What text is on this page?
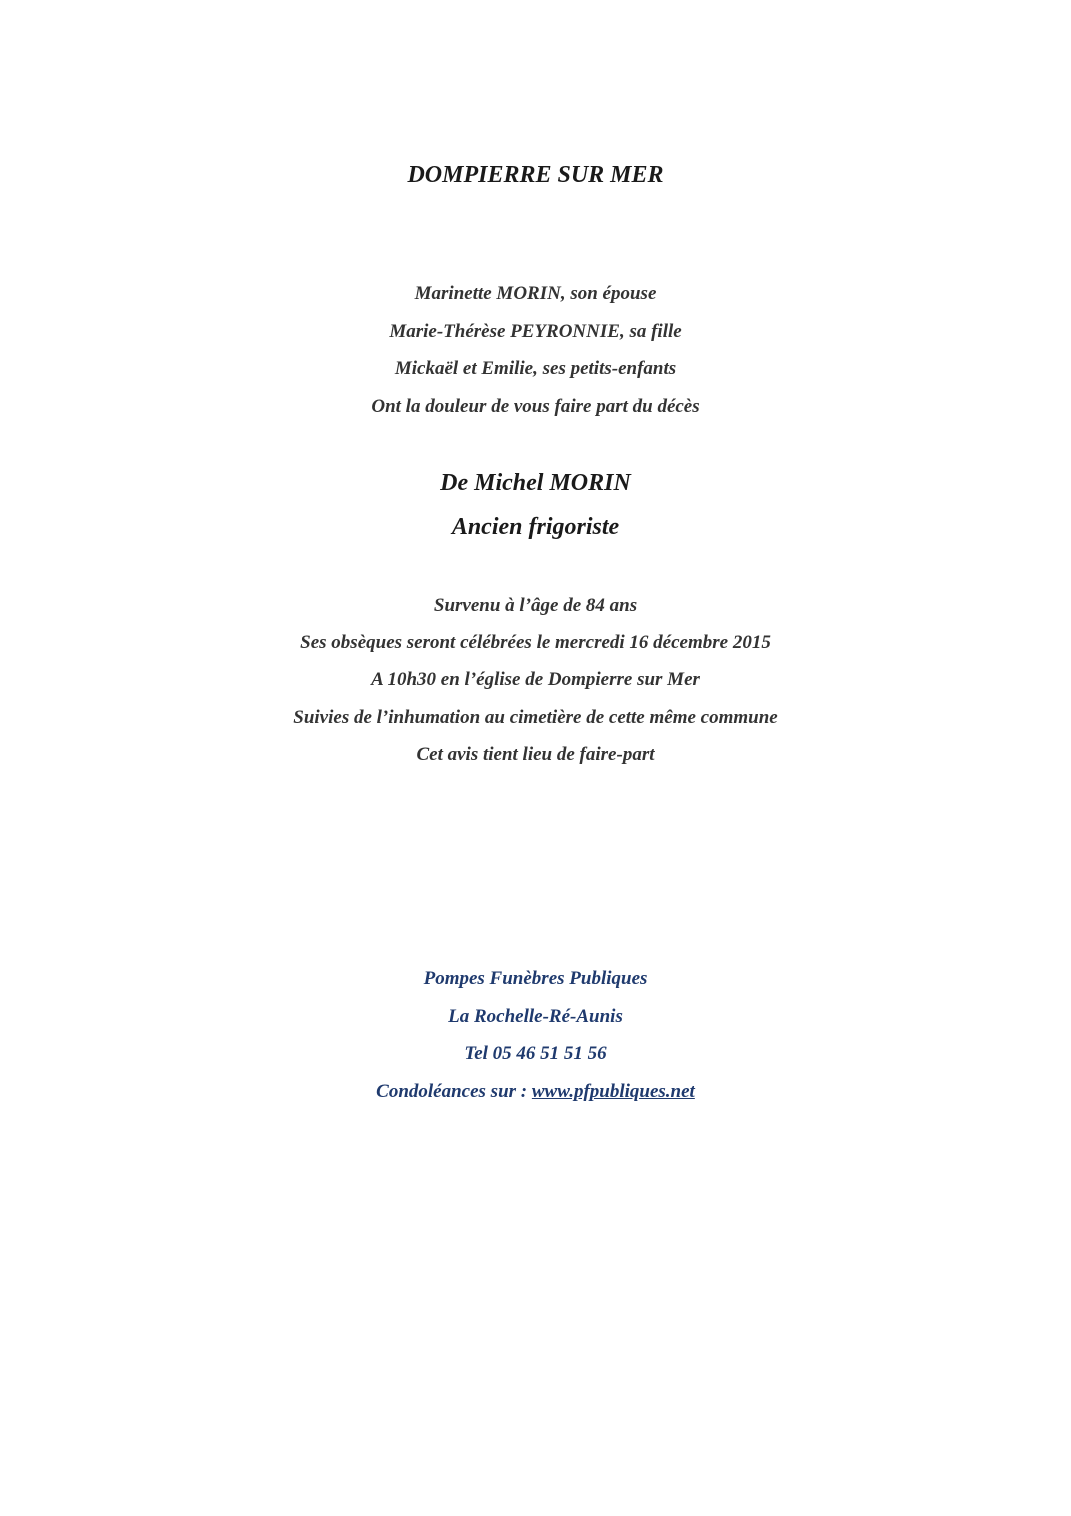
DOMPIERRE SUR MER
Marinette MORIN, son épouse
Marie-Thérèse PEYRONNIE, sa fille
Mickaël et Emilie, ses petits-enfants
Ont la douleur de vous faire part du décès
De Michel MORIN
Ancien frigoriste
Survenu à l’âge de 84 ans
Ses obsèques seront célébrées le mercredi 16 décembre 2015
A 10h30 en l’église de Dompierre sur Mer
Suivies de l’inhumation au cimetière de cette même commune
Cet avis tient lieu de faire-part
Pompes Funèbres Publiques
La Rochelle-Ré-Aunis
Tel 05 46 51 51 56
Condoléances sur : www.pfpubliques.net
